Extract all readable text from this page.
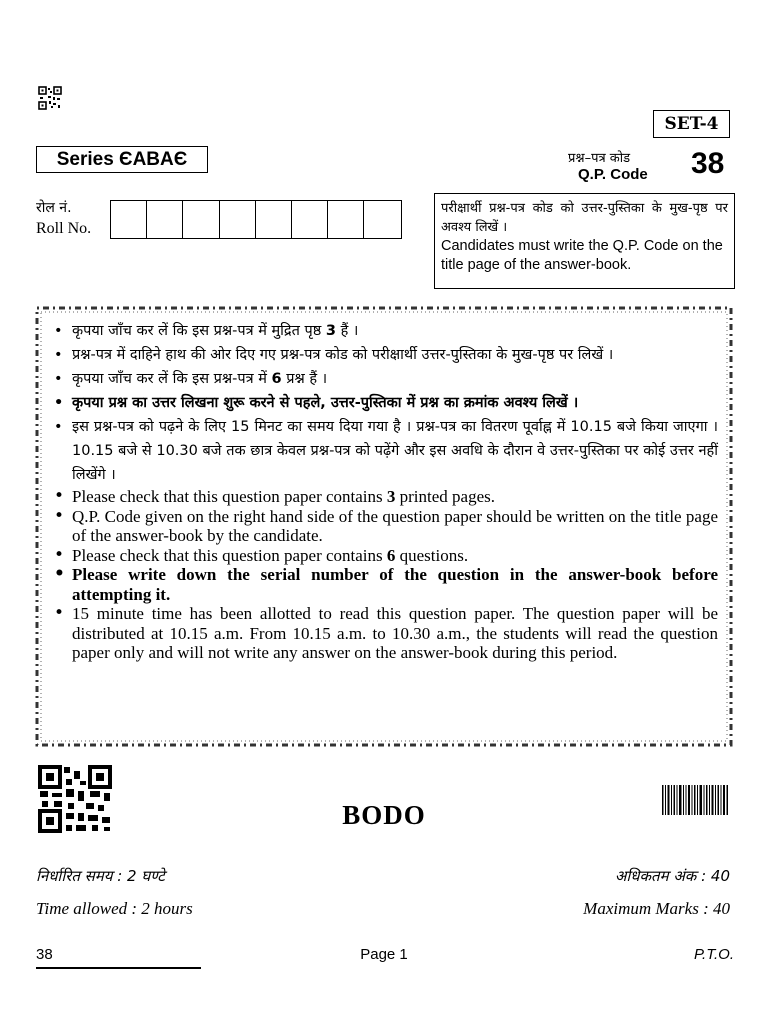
SET-4
Series ЄABAЄ	प्रश्न–पत्र कोड
Q.P. Code 38
रोल नं.
Roll No.
परीक्षार्थी प्रश्न-पत्र कोड को उत्तर-पुस्तिका के मुख-पृष्ठ पर अवश्य लिखें ।
Candidates must write the Q.P. Code on the title page of the answer-book.
• कृपया जाँच कर लें कि इस प्रश्न-पत्र में मुद्रित पृष्ठ 3 हैं ।
• प्रश्न-पत्र में दाहिने हाथ की ओर दिए गए प्रश्न-पत्र कोड को परीक्षार्थी उत्तर-पुस्तिका के मुख-पृष्ठ पर लिखें ।
• कृपया जाँच कर लें कि इस प्रश्न-पत्र में 6 प्रश्न हैं ।
• कृपया प्रश्न का उत्तर लिखना शुरू करने से पहले, उत्तर-पुस्तिका में प्रश्न का क्रमांक अवश्य लिखें ।
• इस प्रश्न-पत्र को पढ़ने के लिए 15 मिनट का समय दिया गया है । प्रश्न-पत्र का वितरण पूर्वाह्न में 10.15 बजे किया जाएगा । 10.15 बजे से 10.30 बजे तक छात्र केवल प्रश्न-पत्र को पढ़ेंगे और इस अवधि के दौरान वे उत्तर-पुस्तिका पर कोई उत्तर नहीं लिखेंगे ।
• Please check that this question paper contains 3 printed pages.
• Q.P. Code given on the right hand side of the question paper should be written on the title page of the answer-book by the candidate.
• Please check that this question paper contains 6 questions.
• Please write down the serial number of the question in the answer-book before attempting it.
• 15 minute time has been allotted to read this question paper. The question paper will be distributed at 10.15 a.m. From 10.15 a.m. to 10.30 a.m., the students will read the question paper only and will not write any answer on the answer-book during this period.
BODO
निर्धारित समय : 2 घण्टे
Time allowed : 2 hours
अधिकतम अंक : 40
Maximum Marks : 40
38	Page 1	P.T.O.
